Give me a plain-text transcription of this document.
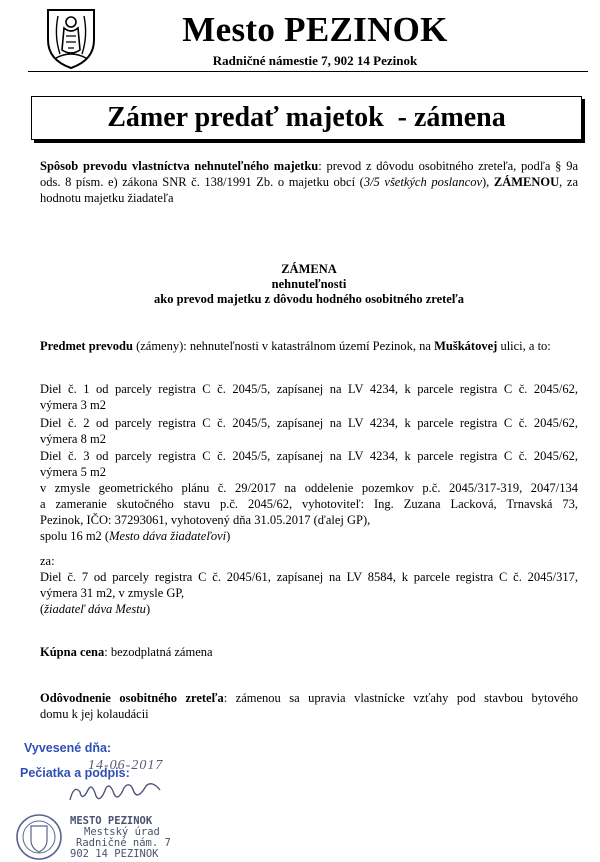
Mesto PEZINOK
Radničné námestie 7, 902 14 Pezinok
Zámer predať majetok  - zámena
Spôsob prevodu vlastníctva nehnuteľného majetku: prevod z dôvodu osobitného zreteľa, podľa § 9a ods. 8 písm. e) zákona SNR č. 138/1991 Zb. o majetku obcí (3/5 všetkých poslancov), ZÁMENOU, za hodnotu majetku žiadateľa
ZÁMENA
nehnuteľnosti
ako prevod majetku z dôvodu hodného osobitného zreteľa
Predmet prevodu (zámeny): nehnuteľnosti v katastrálnom území Pezinok, na Muškátovej ulici, a to:
Diel č. 1 od parcely registra C č. 2045/5, zapísanej na LV 4234, k parcele registra C č. 2045/62,
výmera 3 m2
Diel č. 2 od parcely registra C č. 2045/5, zapísanej na LV 4234, k parcele registra C č. 2045/62,
výmera 8 m2
Diel č. 3 od parcely registra C č. 2045/5, zapísanej na LV 4234, k parcele registra C č. 2045/62,
výmera 5 m2
v zmysle geometrického plánu č. 29/2017 na oddelenie pozemkov p.č. 2045/317-319, 2047/134
a zameranie skutočného stavu p.č. 2045/62, vyhotoviteľ: Ing. Zuzana Lacková, Trnavská 73,
Pezinok, IČO: 37293061, vyhotovený dňa 31.05.2017 (ďalej GP),
spolu 16 m2 (Mesto dáva žiadateľovi)
za:
Diel č. 7 od parcely registra C č. 2045/61, zapísanej na LV 8584, k parcele registra C č. 2045/317,
výmera 31 m2, v zmysle GP,
(žiadateľ dáva Mestu)
Kúpna cena: bezodplatná zámena
Odôvodnenie osobitného zreteľa: zámenou sa upravia vlastnícke vzťahy pod stavbou bytového
domu k jej kolaudácii
Vyvesené dňa:
14-06-2017
Pečiatka a podpis:
MESTO PEZINOK
Mestský úrad
Radničné nám. 7
902 14 PEZINOK
